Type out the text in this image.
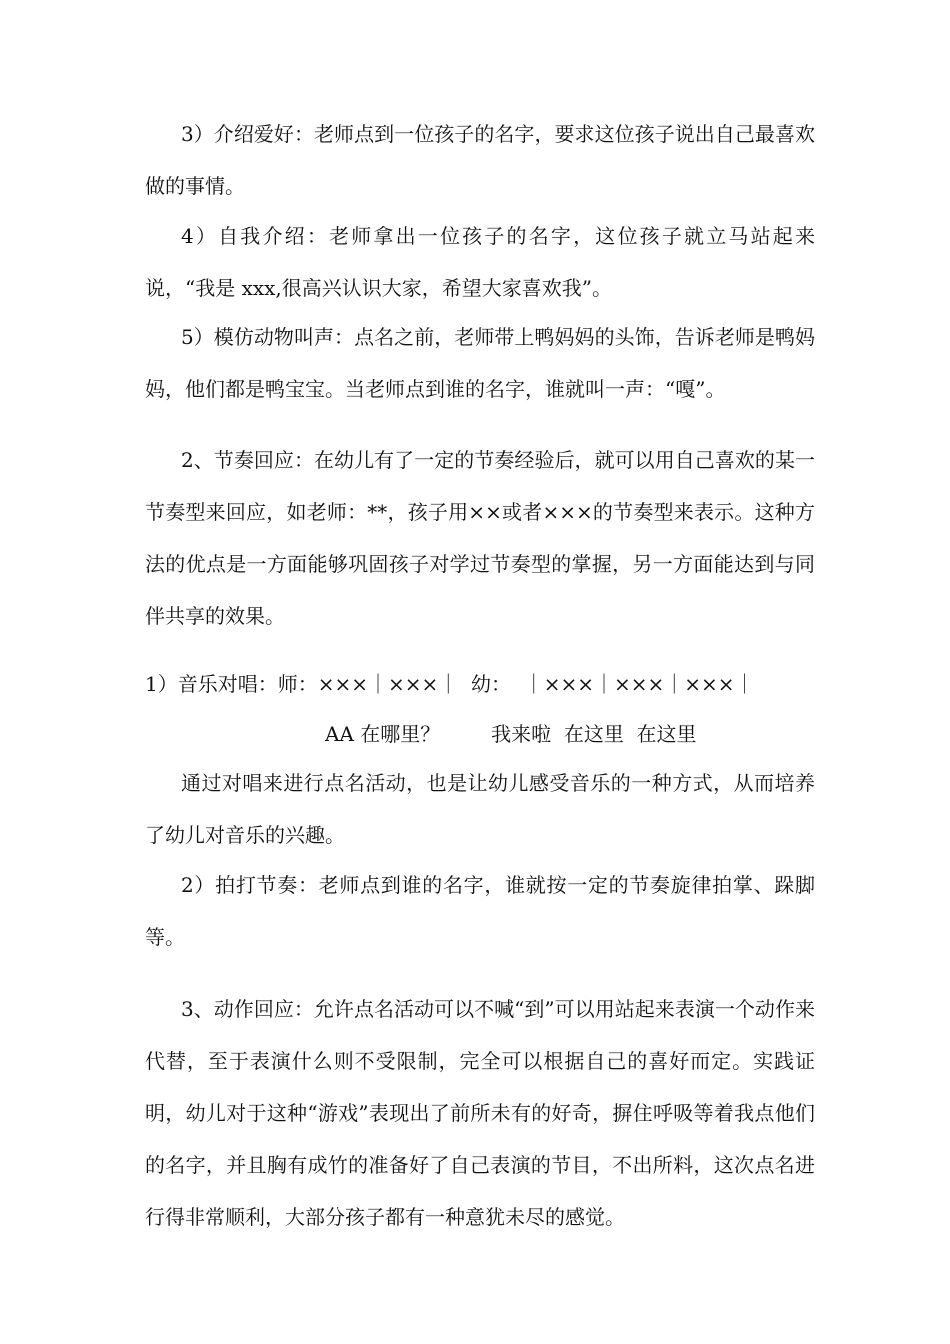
3）介绍爱好：老师点到一位孩子的名字，要求这位孩子说出自己最喜欢做的事情。

4）自我介绍：老师拿出一位孩子的名字，这位孩子就立马站起来说，“我是 xxx,很高兴认识大家，希望大家喜欢我”。

5）模仿动物叫声：点名之前，老师带上鸭妈妈的头饰，告诉老师是鸭妈妈，他们都是鸭宝宝。当老师点到谁的名字，谁就叫一声：“嘎”。

2、节奏回应：在幼儿有了一定的节奏经验后，就可以用自己喜欢的某一节奏型来回应，如老师：**，孩子用××或者×××的节奏型来表示。这种方法的优点是一方面能够巩固孩子对学过节奏型的掌握，另一方面能达到与同伴共享的效果。

1）音乐对唱：师：×××｜×××｜  幼：  ｜×××｜×××｜×××｜

AA 在哪里？        我来啦  在这里  在这里

通过对唱来进行点名活动，也是让幼儿感受音乐的一种方式，从而培养了幼儿对音乐的兴趣。

2）拍打节奏：老师点到谁的名字，谁就按一定的节奏旋律拍掌、跺脚等。

3、动作回应：允许点名活动可以不喊“到”可以用站起来表演一个动作来代替，至于表演什么则不受限制，完全可以根据自己的喜好而定。实践证明，幼儿对于这种“游戏”表现出了前所未有的好奇，摒住呼吸等着我点他们的名字，并且胸有成竹的准备好了自己表演的节目，不出所料，这次点名进行得非常顺利，大部分孩子都有一种意犹未尽的感觉。
